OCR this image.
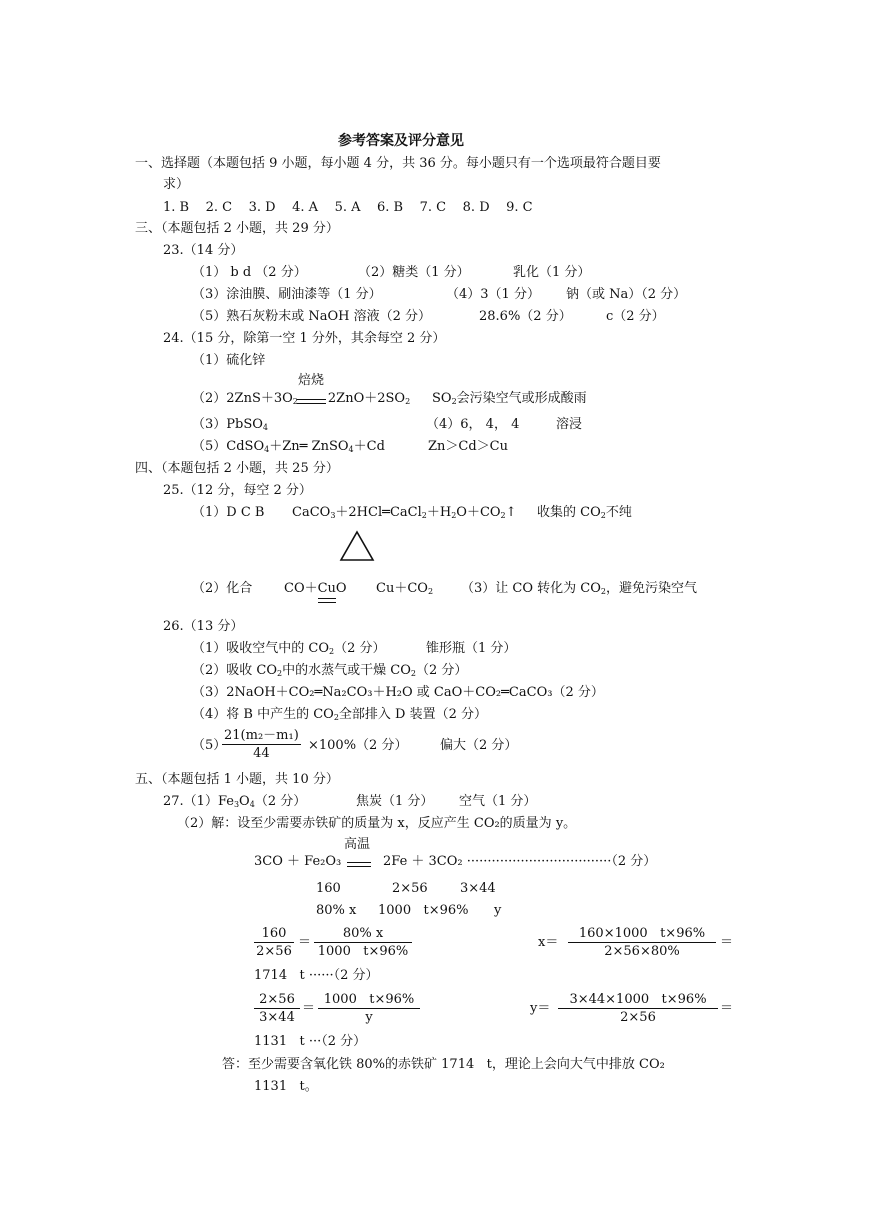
参考答案及评分意见
一、选择题（本题包括 9 小题，每小题 4 分，共 36 分。每小题只有一个选项最符合题目要
求）
1. B    2. C    3. D    4. A    5. A    6. B    7. C    8. D    9. C
三、（本题包括 2 小题，共 29 分）
23.（14 分）
（1） b d （2 分）	（2）糖类（1 分）	乳化（1 分）
（3）涂油膜、刷油漆等（1 分）	（4）3（1 分） 钠（或 Na）（2 分）
（5）熟石灰粉末或 NaOH 溶液（2 分）	28.6%（2 分）	c（2 分）
24.（15 分，除第一空 1 分外，其余每空 2 分）
（1）硫化锌
焙烧
$(2)2ZnS+3O_2$ $2ZnO+2SO_2$ $SO_2$会污染空气或形成酸雨
（3）PbSO$_4$	（4）6， 4， 4	溶浸
（5）CdSO$_4$＋Zn═ ZnSO$_4$＋Cd	Zn＞Cd＞Cu
四、（本题包括 2 小题，共 25 分）
25.（12 分，每空 2 分）
（1）D C B $CaCO_3+2HCl═CaCl_2+H_2O+CO_2↑$ 收集的 $CO_2$不纯
（2）化合 CO＋CuO $Cu+CO_2$ （3）让 CO 转化为 $CO_2$，避免污染空气
26.（13 分）
（1）吸收空气中的 $CO_2(2$ 分）	锥形瓶（1 分）
（2）吸收 $CO_2$中的水蒸气或干燥 $CO_2(2$ 分）
（3）2NaOH＋CO₂═Na₂CO₃＋H₂O 或 CaO＋CO₂═CaCO₃（2 分）
（4）将 B 中产生的 $CO_2$全部排入 D 装置（2 分）
（5）
$\frac{\text{21(m₂－m₁)}}{44} \times 100\%(2$ 分）	偏大（2 分）
五、（本题包括 1 小题，共 10 分）
$27.(1)Fe_3O_4(2$ 分）	焦炭（1 分） 空气（1 分）
（2）解：设至少需要赤铁矿的质量为 x，反应产生 CO₂的质量为 y。
高温
3CO ＋ Fe₂O₃	2Fe ＋ 3CO₂ ···································（2 分）
160	2×56 3×44
80% x 1000   t×96% y
$\frac{160}{2\times 56} = \frac{80\% x}{1000 t\times 96\%}$	$x= \frac{160\times 1000 t\times 96\%}{2\times 56\times 80\%}$ ＝
1714   t ······（2 分）
$\frac{2\times 56}{3\times 44} = \frac{1000 t\times 96\%}{y}$	$y= \frac{3\times 44\times 1000 t\times 96\%}{2\times 56}$ ＝
1131   t ···（2 分）
答：至少需要含氧化铁 80%的赤铁矿 1714   t，理论上会向大气中排放 CO₂
1131   t。
